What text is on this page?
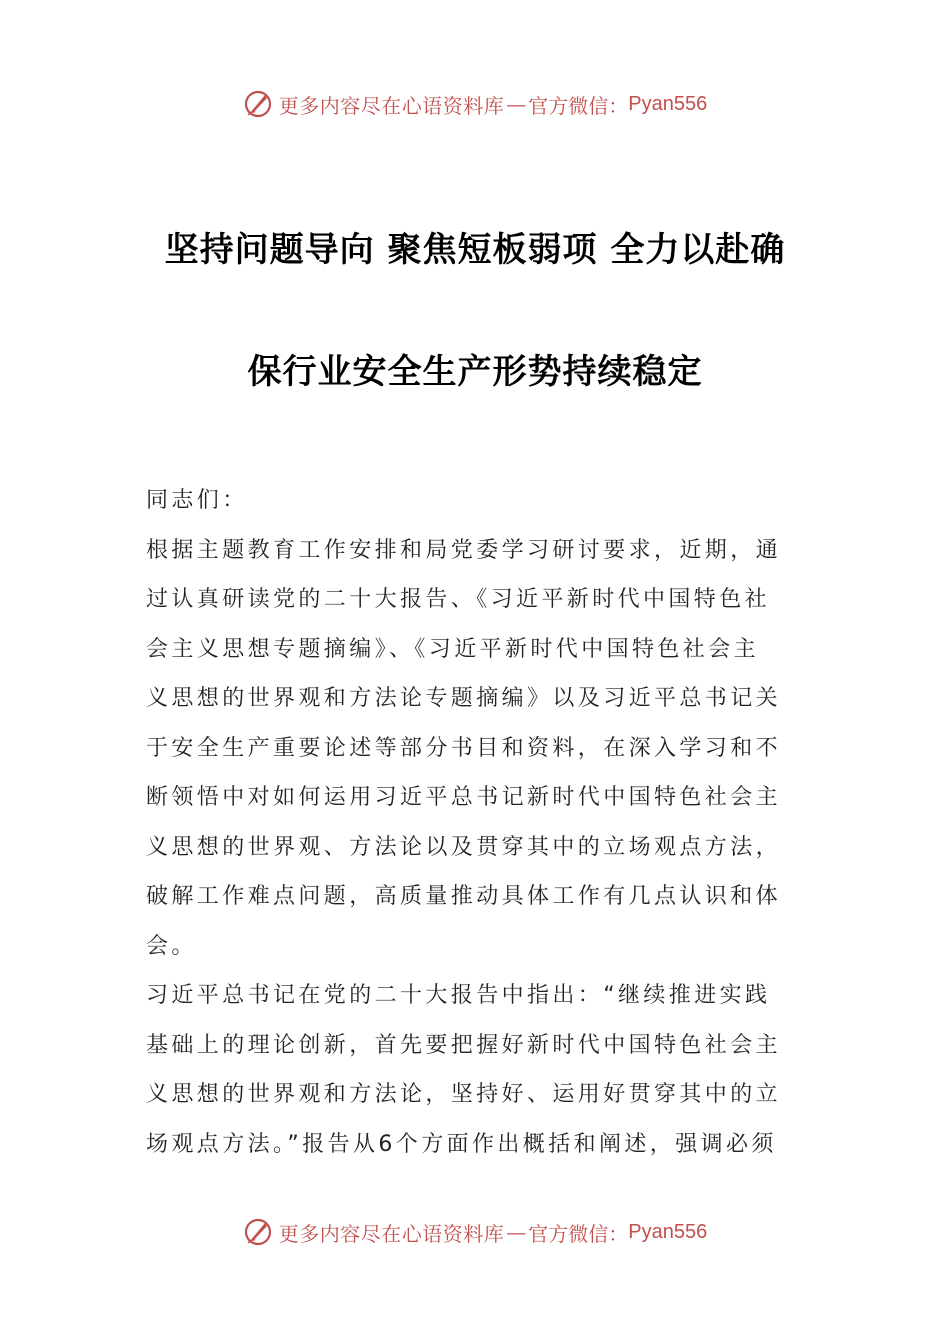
更多内容尽在心语资料库 — 官方微信： Pyan556
坚持问题导向 聚焦短板弱项 全力以赴确
保行业安全生产形势持续稳定
同志们：
根据主题教育工作安排和局党委学习研讨要求，近期，通
过认真研读党的二十大报告、《习近平新时代中国特色社
会主义思想专题摘编》、《习近平新时代中国特色社会主
义思想的世界观和方法论专题摘编》以及习近平总书记关
于安全生产重要论述等部分书目和资料，在深入学习和不
断领悟中对如何运用习近平总书记新时代中国特色社会主
义思想的世界观、方法论以及贯穿其中的立场观点方法，
破解工作难点问题，高质量推动具体工作有几点认识和体
会。
习近平总书记在党的二十大报告中指出：“继续推进实践
基础上的理论创新，首先要把握好新时代中国特色社会主
义思想的世界观和方法论，坚持好、运用好贯穿其中的立
场观点方法。”报告从6个方面作出概括和阐述，强调必须
更多内容尽在心语资料库 — 官方微信： Pyan556
